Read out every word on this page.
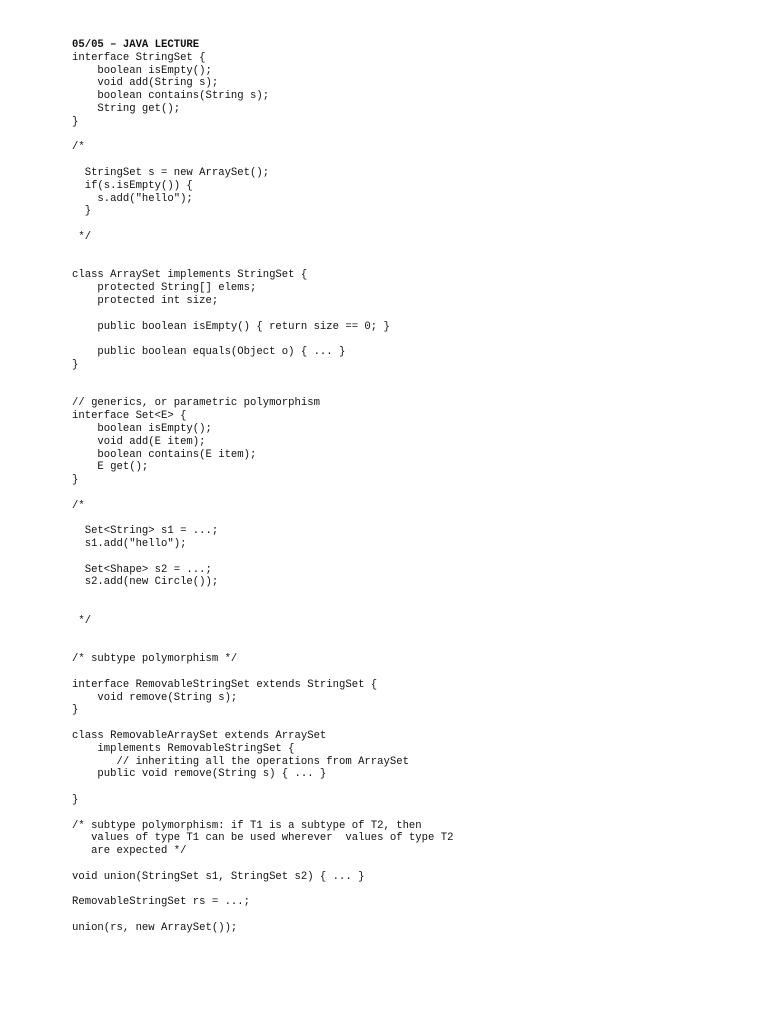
05/05 – JAVA LECTURE
interface StringSet {
boolean isEmpty();
void add(String s);
boolean contains(String s);
String get();
}
/*
StringSet s = new ArraySet();
if(s.isEmpty()) {
s.add("hello");
}
*/
class ArraySet implements StringSet {
protected String[] elems;
protected int size;
public boolean isEmpty() { return size == 0; }
public boolean equals(Object o) { ... }
}
// generics, or parametric polymorphism
interface Set<E> {
boolean isEmpty();
void add(E item);
boolean contains(E item);
E get();
}
/*
Set<String> s1 = ...;
s1.add("hello");
Set<Shape> s2 = ...;
s2.add(new Circle());
*/
/* subtype polymorphism */
interface RemovableStringSet extends StringSet {
void remove(String s);
}
class RemovableArraySet extends ArraySet
implements RemovableStringSet {
// inheriting all the operations from ArraySet
public void remove(String s) { ... }
}
/* subtype polymorphism: if T1 is a subtype of T2, then
values of type T1 can be used wherever  values of type T2
are expected */
void union(StringSet s1, StringSet s2) { ... }
RemovableStringSet rs = ...;
union(rs, new ArraySet());
